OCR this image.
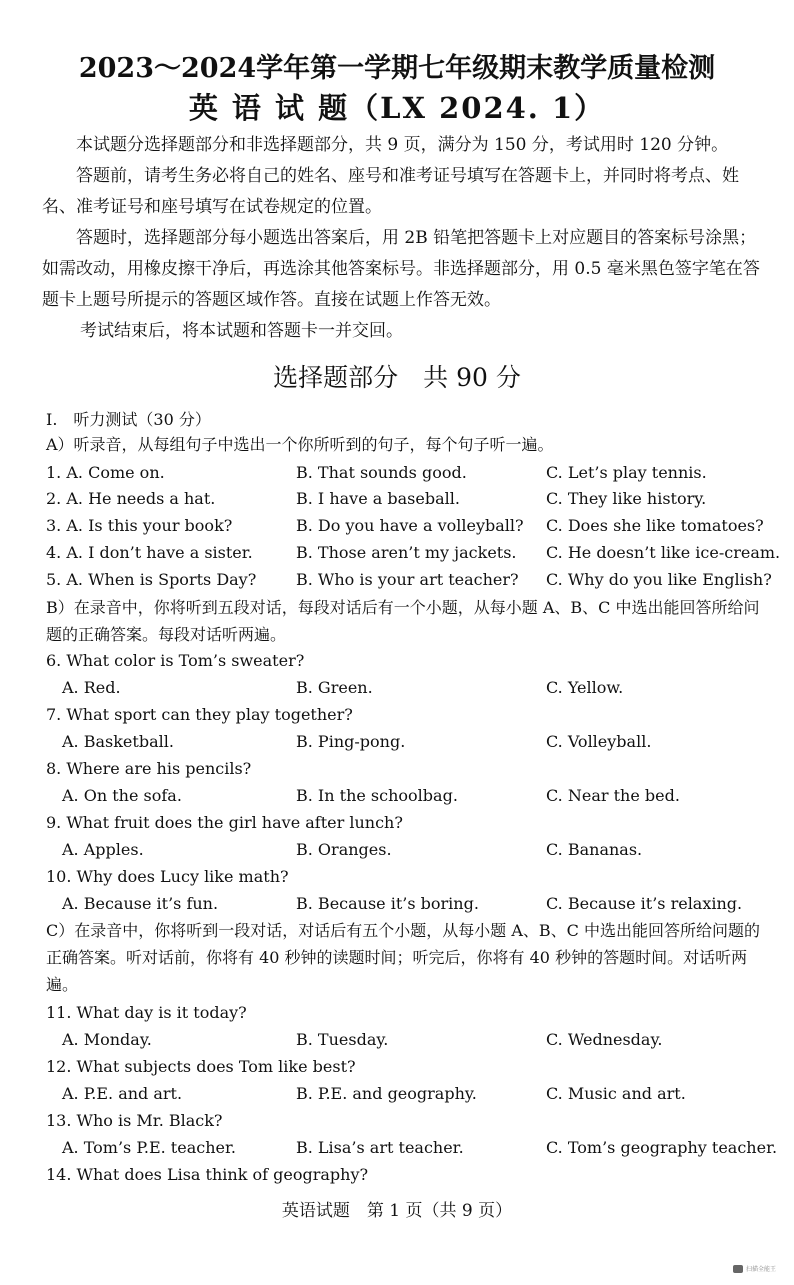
2023～2024学年第一学期七年级期末教学质量检测
英 语 试 题（LX 2024. 1）
本试题分选择题部分和非选择题部分，共 9 页，满分为 150 分，考试用时 120 分钟。
答题前，请考生务必将自己的姓名、座号和准考证号填写在答题卡上，并同时将考点、姓名、准考证号和座号填写在试卷规定的位置。
答题时，选择题部分每小题选出答案后，用 2B 铅笔把答题卡上对应题目的答案标号涂黑；如需改动，用橡皮擦干净后，再选涂其他答案标号。非选择题部分，用 0.5 毫米黑色签字笔在答题卡上题号所提示的答题区域作答。直接在试题上作答无效。
考试结束后，将本试题和答题卡一并交回。
选择题部分　共 90 分
I.　听力测试（30 分）
A）听录音，从每组句子中选出一个你所听到的句子，每个句子听一遍。
1. A. Come on.	B. That sounds good.	C. Let’s play tennis.
2. A. He needs a hat.	B. I have a baseball.	C. They like history.
3. A. Is this your book?	B. Do you have a volleyball? C. Does she like tomatoes?
4. A. I don’t have a sister.	B. Those aren’t my jackets. C. He doesn’t like ice-cream.
5. A. When is Sports Day? B. Who is your art teacher? C. Why do you like English?
B）在录音中，你将听到五段对话，每段对话后有一个小题，从每小题 A、B、C 中选出能回答所给问题的正确答案。每段对话听两遍。
6. What color is Tom’s sweater?
A. Red.	B. Green.	C. Yellow.
7. What sport can they play together?
A. Basketball.	B. Ping-pong.	C. Volleyball.
8. Where are his pencils?
A. On the sofa.	B. In the schoolbag.	C. Near the bed.
9. What fruit does the girl have after lunch?
A. Apples.	B. Oranges.	C. Bananas.
10. Why does Lucy like math?
A. Because it’s fun.	B. Because it’s boring.	C. Because it’s relaxing.
C）在录音中，你将听到一段对话，对话后有五个小题，从每小题 A、B、C 中选出能回答所给问题的正确答案。听对话前，你将有 40 秒钟的读题时间；听完后，你将有 40 秒钟的答题时间。对话听两遍。
11. What day is it today?
A. Monday.	B. Tuesday.	C. Wednesday.
12. What subjects does Tom like best?
A. P.E. and art.	B. P.E. and geography.	C. Music and art.
13. Who is Mr. Black?
A. Tom’s P.E. teacher.	B. Lisa’s art teacher.	C. Tom’s geography teacher.
14. What does Lisa think of geography?
英语试题　第 1 页（共 9 页）
扫描全能王
